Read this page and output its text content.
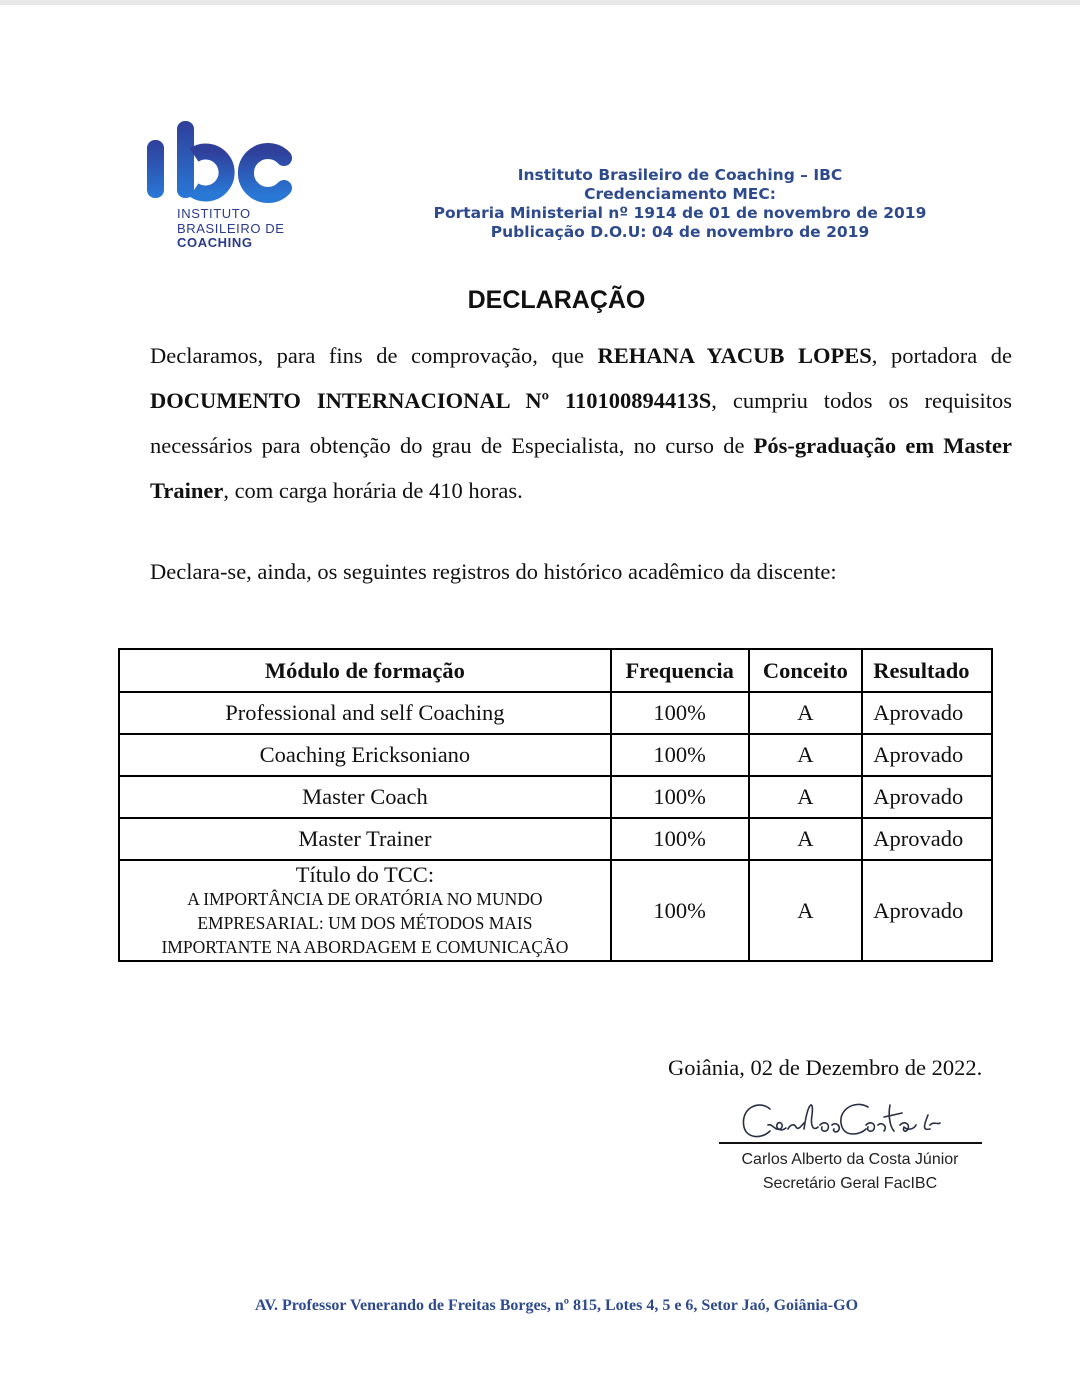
INSTITUTO
BRASILEIRO DE
COACHING
Instituto Brasileiro de Coaching – IBC
Credenciamento MEC:
Portaria Ministerial nº 1914 de 01 de novembro de 2019
Publicação D.O.U: 04 de novembro de 2019
DECLARAÇÃO
Declaramos, para fins de comprovação, que REHANA YACUB LOPES, portadora de DOCUMENTO INTERNACIONAL Nº 110100894413S, cumpriu todos os requisitos necessários para obtenção do grau de Especialista, no curso de Pós-graduação em Master Trainer, com carga horária de 410 horas.
Declara-se, ainda, os seguintes registros do histórico acadêmico da discente:
Módulo de formação	Frequencia	Conceito	Resultado
Professional and self Coaching	100%	A	Aprovado
Coaching Ericksoniano	100%	A	Aprovado
Master Coach	100%	A	Aprovado
Master Trainer	100%	A	Aprovado

Título do TCC:
A IMPORTÂNCIA DE ORATÓRIA NO MUNDO
EMPRESARIAL: UM DOS MÉTODOS MAIS
IMPORTANTE NA ABORDAGEM E COMUNICAÇÃO	100%	A	Aprovado
Goiânia, 02 de Dezembro de 2022.
Carlos Alberto da Costa Júnior
Secretário Geral FacIBC
AV. Professor Venerando de Freitas Borges, nº 815, Lotes 4, 5 e 6, Setor Jaó, Goiânia-GO
